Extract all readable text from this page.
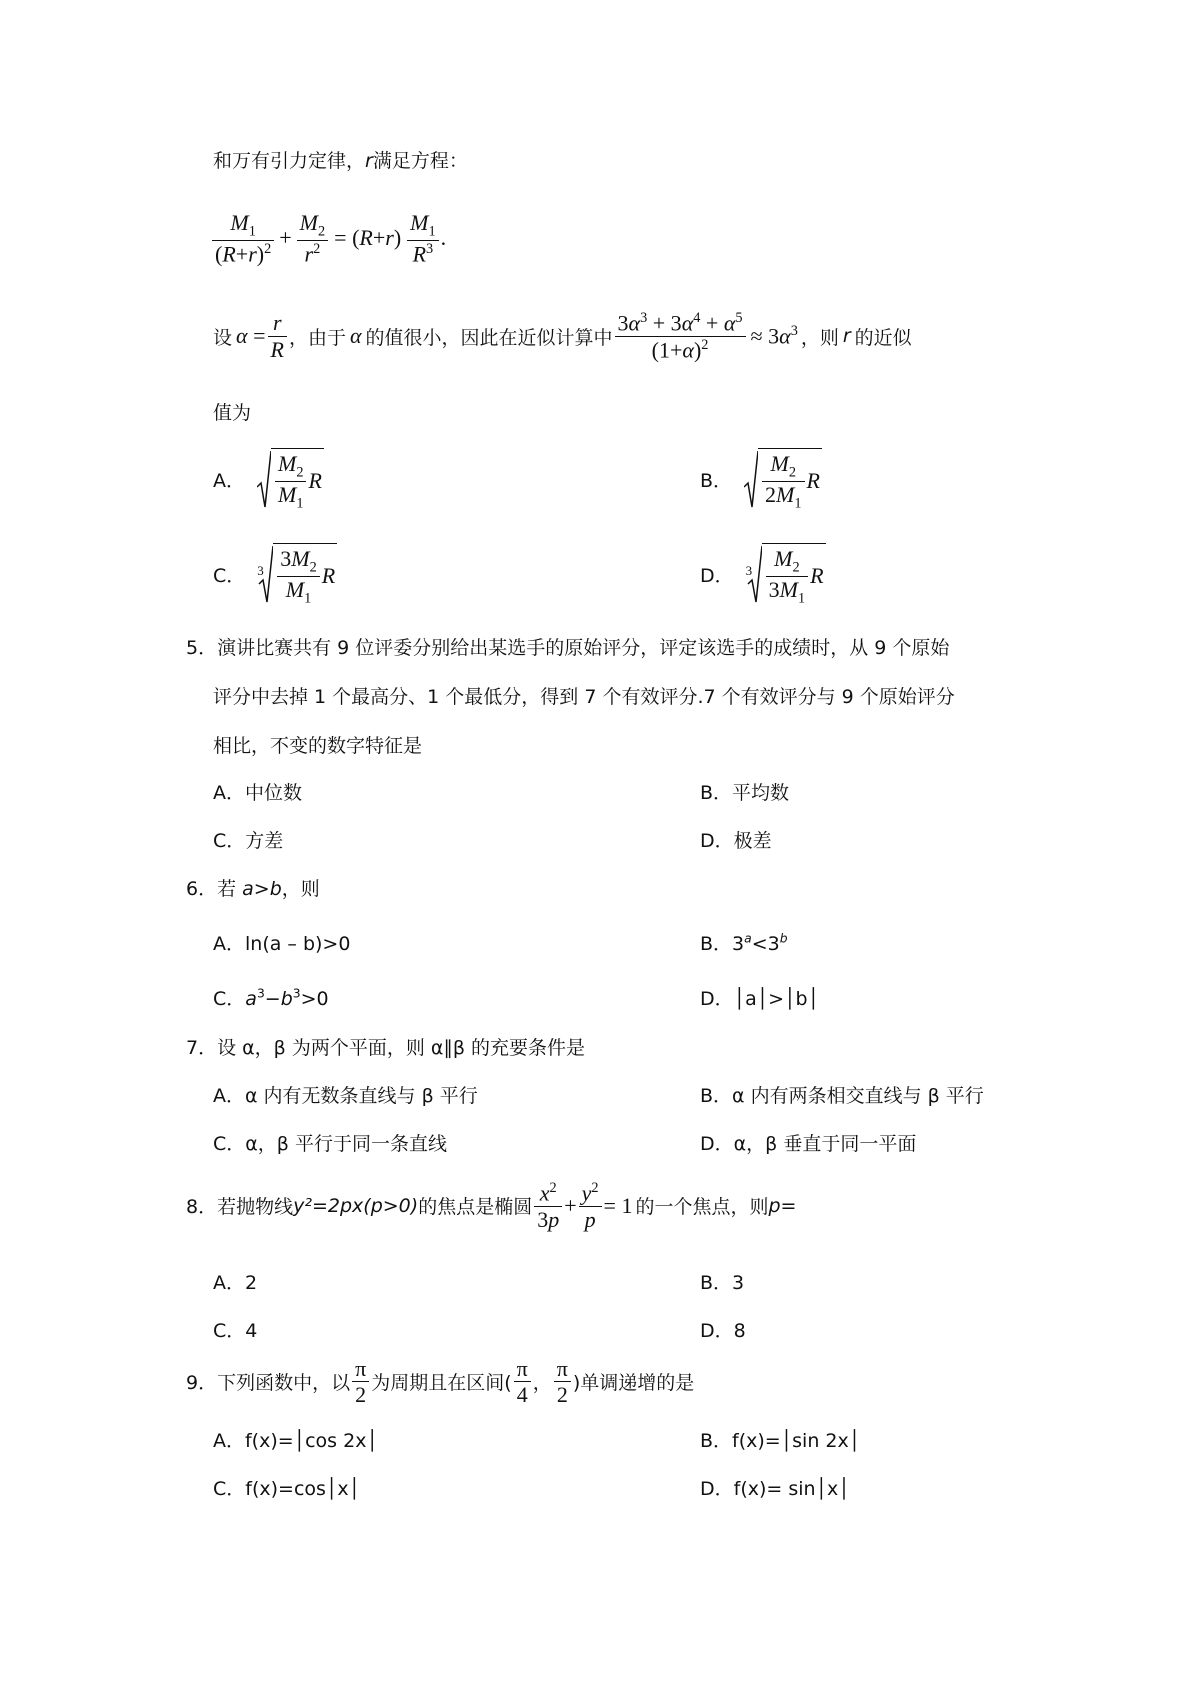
和万有引力定律，r满足方程：
$\frac{M_1}{(R+r)^2} + \frac{M_2}{r^2} = (R+r) \frac{M_1}{R^3}$ .
设 $\alpha = \frac{r}{R}$ ，由于 α 的值很小，因此在近似计算中 $\frac{3\alpha^3 + 3\alpha^4 + \alpha^5}{(1+\alpha)^2} \approx 3\alpha^3$ ，则 r 的近似
值为
A． $\frac{M_2}{M_1}$ R	B． $\frac{M_2}{2M_1}$ R
C． $3 \frac{3M_2}{M_1}$ R	D． $3 \frac{M_2}{3M_1}$ R
5．演讲比赛共有 9 位评委分别给出某选手的原始评分，评定该选手的成绩时，从 9 个原始
评分中去掉 1 个最高分、1 个最低分，得到 7 个有效评分.7 个有效评分与 9 个原始评分
相比，不变的数字特征是
A．中位数	B．平均数
C．方差	D．极差
6．若 a>b，则
A．ln(a – b)>0	B．$3^a<3^b$
C．$a^3-b^3>0$	D．│a│>│b│
7．设 α，β 为两个平面，则 α∥β 的充要条件是
A．α 内有无数条直线与 β 平行	B．α 内有两条相交直线与 β 平行
C．α，β 平行于同一条直线	D．α，β 垂直于同一平面
8． 若抛物线 y²=2px(p>0) 的焦点是椭圆 $\frac{x^2}{3p} + \frac{y^2}{p} = 1$ 的一个焦点，则 p=
A．2	B．3
C．4	D．8
9． 下列函数中，以 $\frac{\pi}{2}$ 为周期且在区间( $\frac{\pi}{4}$ ， $\frac{\pi}{2}$ )单调递增的是
A．f(x)=│cos 2x│	B．f(x)=│sin 2x│
C．f(x)=cos│x│	D．f(x)= sin│x│
